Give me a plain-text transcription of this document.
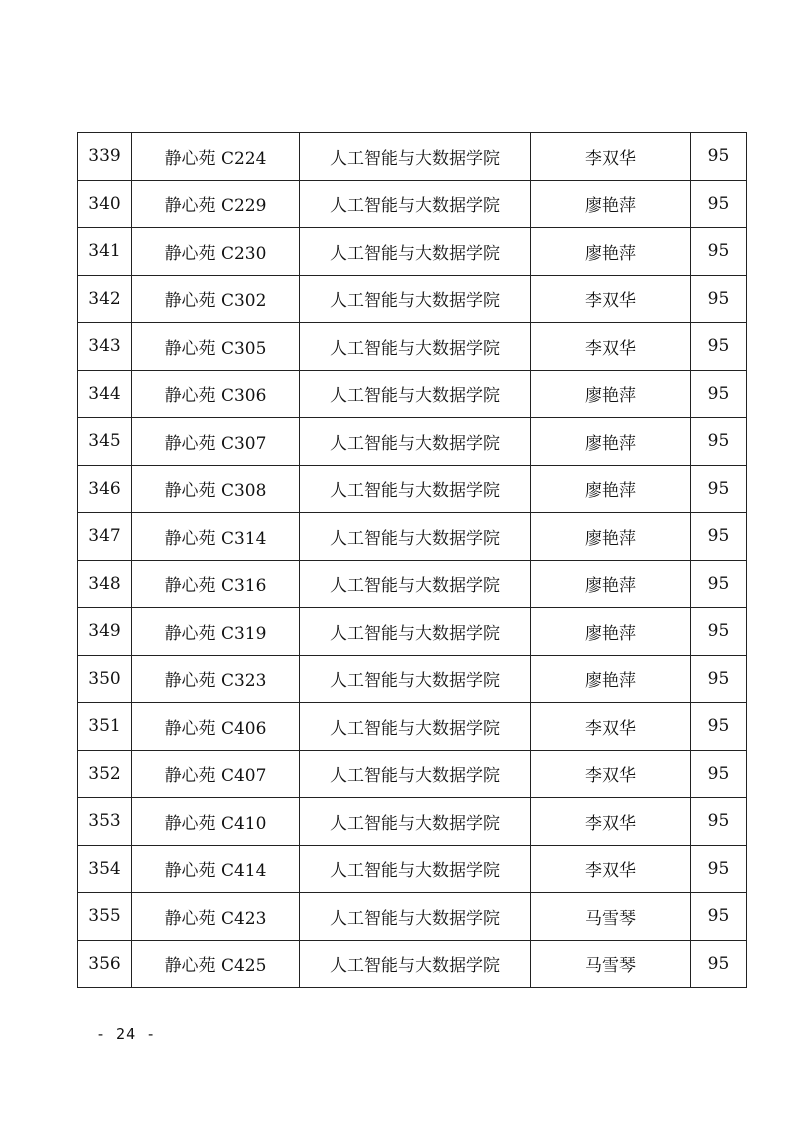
339	静心苑 C224	人工智能与大数据学院	李双华	95
340	静心苑 C229	人工智能与大数据学院	廖艳萍	95
341	静心苑 C230	人工智能与大数据学院	廖艳萍	95
342	静心苑 C302	人工智能与大数据学院	李双华	95
343	静心苑 C305	人工智能与大数据学院	李双华	95
344	静心苑 C306	人工智能与大数据学院	廖艳萍	95
345	静心苑 C307	人工智能与大数据学院	廖艳萍	95
346	静心苑 C308	人工智能与大数据学院	廖艳萍	95
347	静心苑 C314	人工智能与大数据学院	廖艳萍	95
348	静心苑 C316	人工智能与大数据学院	廖艳萍	95
349	静心苑 C319	人工智能与大数据学院	廖艳萍	95
350	静心苑 C323	人工智能与大数据学院	廖艳萍	95
351	静心苑 C406	人工智能与大数据学院	李双华	95
352	静心苑 C407	人工智能与大数据学院	李双华	95
353	静心苑 C410	人工智能与大数据学院	李双华	95
354	静心苑 C414	人工智能与大数据学院	李双华	95
355	静心苑 C423	人工智能与大数据学院	马雪琴	95
356	静心苑 C425	人工智能与大数据学院	马雪琴	95
- 24 -
